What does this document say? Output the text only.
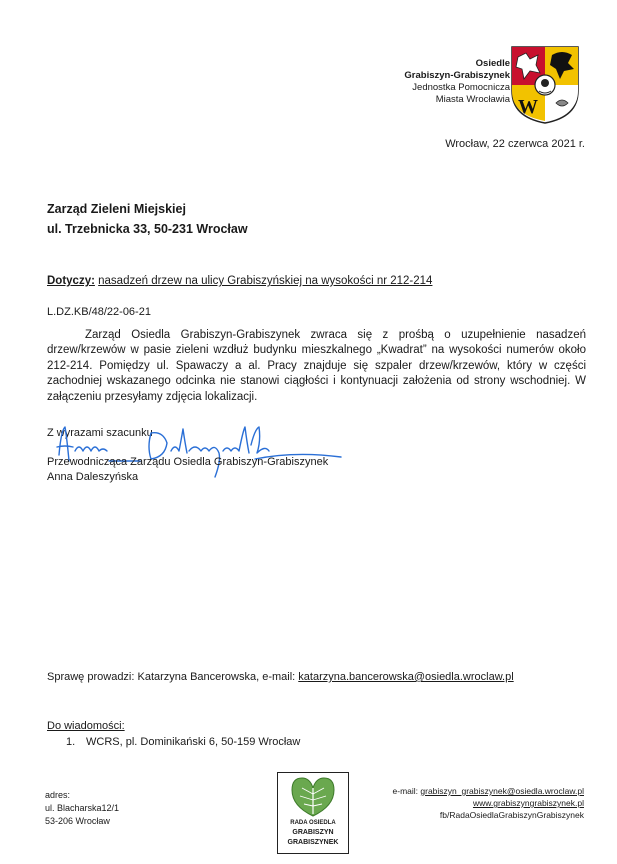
Osiedle
Grabiszyn-Grabiszynek
Jednostka Pomocnicza
Miasta Wrocławia W
Wrocław, 22 czerwca 2021 r.
Zarząd Zieleni Miejskiej
ul. Trzebnicka 33, 50-231 Wrocław
Dotyczy: nasadzeń drzew na ulicy Grabiszyńskiej na wysokości nr 212-214
L.DZ.KB/48/22-06-21
Zarząd Osiedla Grabiszyn-Grabiszynek zwraca się z prośbą o uzupełnienie nasadzeń drzew/krzewów w pasie zieleni wzdłuż budynku mieszkalnego „Kwadrat” na wysokości numerów około 212-214. Pomiędzy ul. Spawaczy a al. Pracy znajduje się szpaler drzew/krzewów, który w części zachodniej wskazanego odcinka nie stanowi ciągłości i kontynuacji założenia od strony wschodniej. W załączeniu przesyłamy zdjęcia lokalizacji.
Z wyrazami szacunku
Przewodnicząca Zarządu Osiedla Grabiszyn-Grabiszynek
Anna Daleszyńska
Sprawę prowadzi: Katarzyna Bancerowska, e-mail: katarzyna.bancerowska@osiedla.wroclaw.pl
Do wiadomości:
1. WCRS, pl. Dominikański 6, 50-159 Wrocław
adres:
ul. Blacharska12/1
53-206 Wrocław	RADA OSIEDLA
GRABISZYN
GRABISZYNEK
e-mail: grabiszyn_grabiszynek@osiedla.wroclaw.pl
www.grabiszyngrabiszynek.pl
fb/RadaOsiedlaGrabiszynGrabiszynek
